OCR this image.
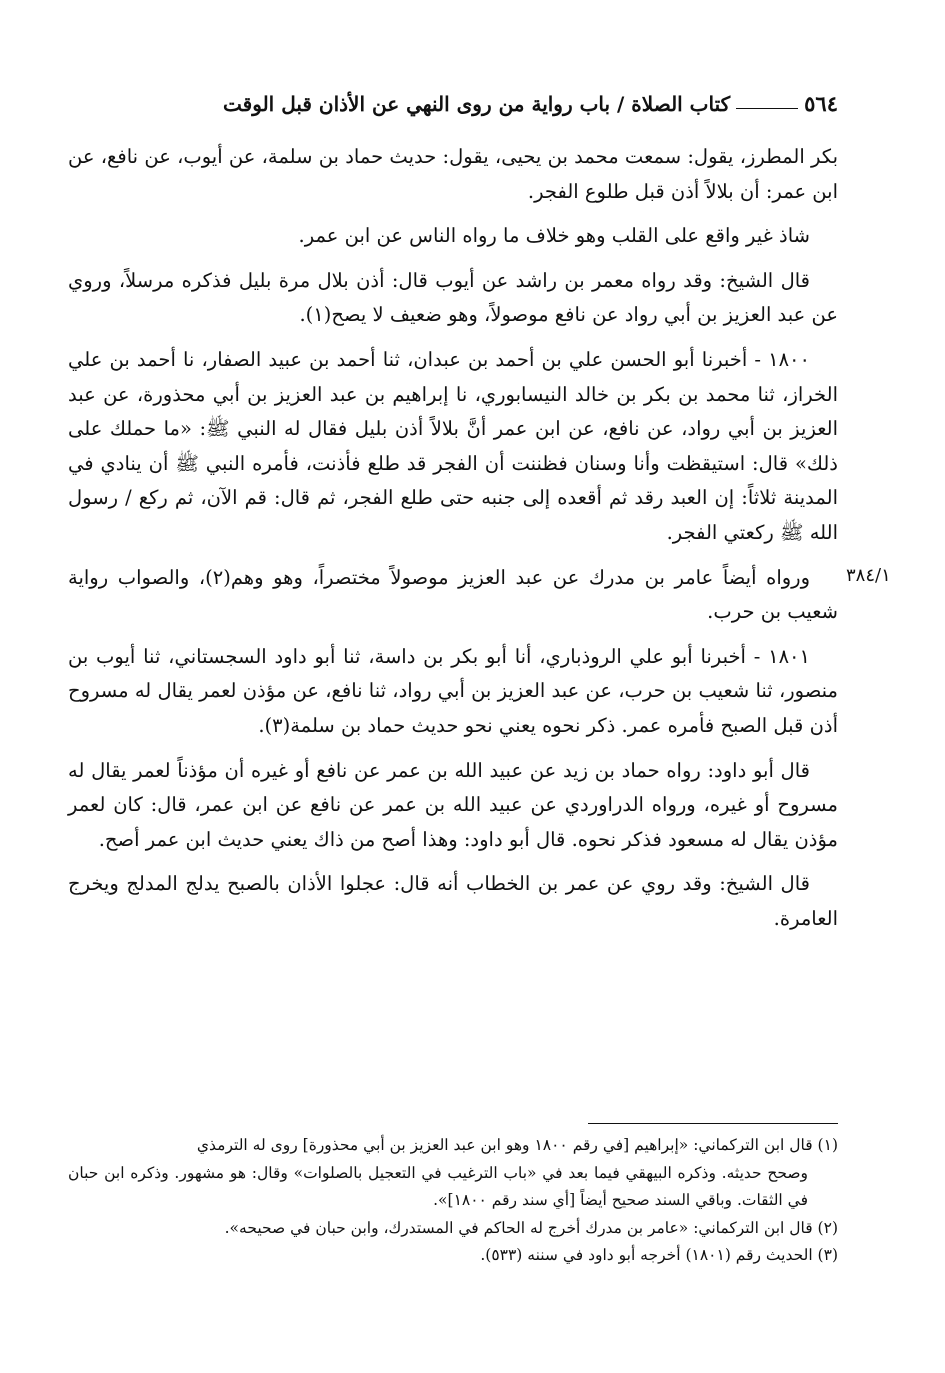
٥٦٤
كتاب الصلاة / باب رواية من روى النهي عن الأذان قبل الوقت
٣٨٤/١

بكر المطرز، يقول: سمعت محمد بن يحيى، يقول: حديث حماد بن سلمة، عن أيوب، عن نافع، عن ابن عمر: أن بلالاً أذن قبل طلوع الفجر.

شاذ غير واقع على القلب وهو خلاف ما رواه الناس عن ابن عمر.

قال الشيخ: وقد رواه معمر بن راشد عن أيوب قال: أذن بلال مرة بليل فذكره مرسلاً، وروي عن عبد العزيز بن أبي رواد عن نافع موصولاً، وهو ضعيف لا يصح(١).

١٨٠٠ - أخبرنا أبو الحسن علي بن أحمد بن عبدان، ثنا أحمد بن عبيد الصفار، نا أحمد بن علي الخراز، ثنا محمد بن بكر بن خالد النيسابوري، نا إبراهيم بن عبد العزيز بن أبي محذورة، عن عبد العزيز بن أبي رواد، عن نافع، عن ابن عمر أنَّ بلالاً أذن بليل فقال له النبي ﷺ: «ما حملك على ذلك» قال: استيقظت وأنا وسنان فظننت أن الفجر قد طلع فأذنت، فأمره النبي ﷺ أن ينادي في المدينة ثلاثاً: إن العبد رقد ثم أقعده إلى جنبه حتى طلع الفجر، ثم قال: قم الآن، ثم ركع / رسول الله ﷺ ركعتي الفجر.

ورواه أيضاً عامر بن مدرك عن عبد العزيز موصولاً مختصراً، وهو وهم(٢)، والصواب رواية شعيب بن حرب.

١٨٠١ - أخبرنا أبو علي الروذباري، أنا أبو بكر بن داسة، ثنا أبو داود السجستاني، ثنا أيوب بن منصور، ثنا شعيب بن حرب، عن عبد العزيز بن أبي رواد، ثنا نافع، عن مؤذن لعمر يقال له مسروح أذن قبل الصبح فأمره عمر. ذكر نحوه يعني نحو حديث حماد بن سلمة(٣).

قال أبو داود: رواه حماد بن زيد عن عبيد الله بن عمر عن نافع أو غيره أن مؤذناً لعمر يقال له مسروح أو غيره، ورواه الدراوردي عن عبيد الله بن عمر عن نافع عن ابن عمر، قال: كان لعمر مؤذن يقال له مسعود فذكر نحوه. قال أبو داود: وهذا أصح من ذاك يعني حديث ابن عمر أصح.

قال الشيخ: وقد روي عن عمر بن الخطاب أنه قال: عجلوا الأذان بالصبح يدلج المدلج ويخرج العامرة.

(١) قال ابن التركماني: «إبراهيم [في رقم ١٨٠٠ وهو ابن عبد العزيز بن أبي محذورة] روى له الترمذي
وصحح حديثه. وذكره البيهقي فيما بعد في «باب الترغيب في التعجيل بالصلوات» وقال: هو مشهور. وذكره ابن حبان في الثقات. وباقي السند صحيح أيضاً [أي سند رقم ١٨٠٠]».

(٢) قال ابن التركماني: «عامر بن مدرك أخرج له الحاكم في المستدرك، وابن حبان في صحيحه».

(٣) الحديث رقم (١٨٠١) أخرجه أبو داود في سننه (٥٣٣).
